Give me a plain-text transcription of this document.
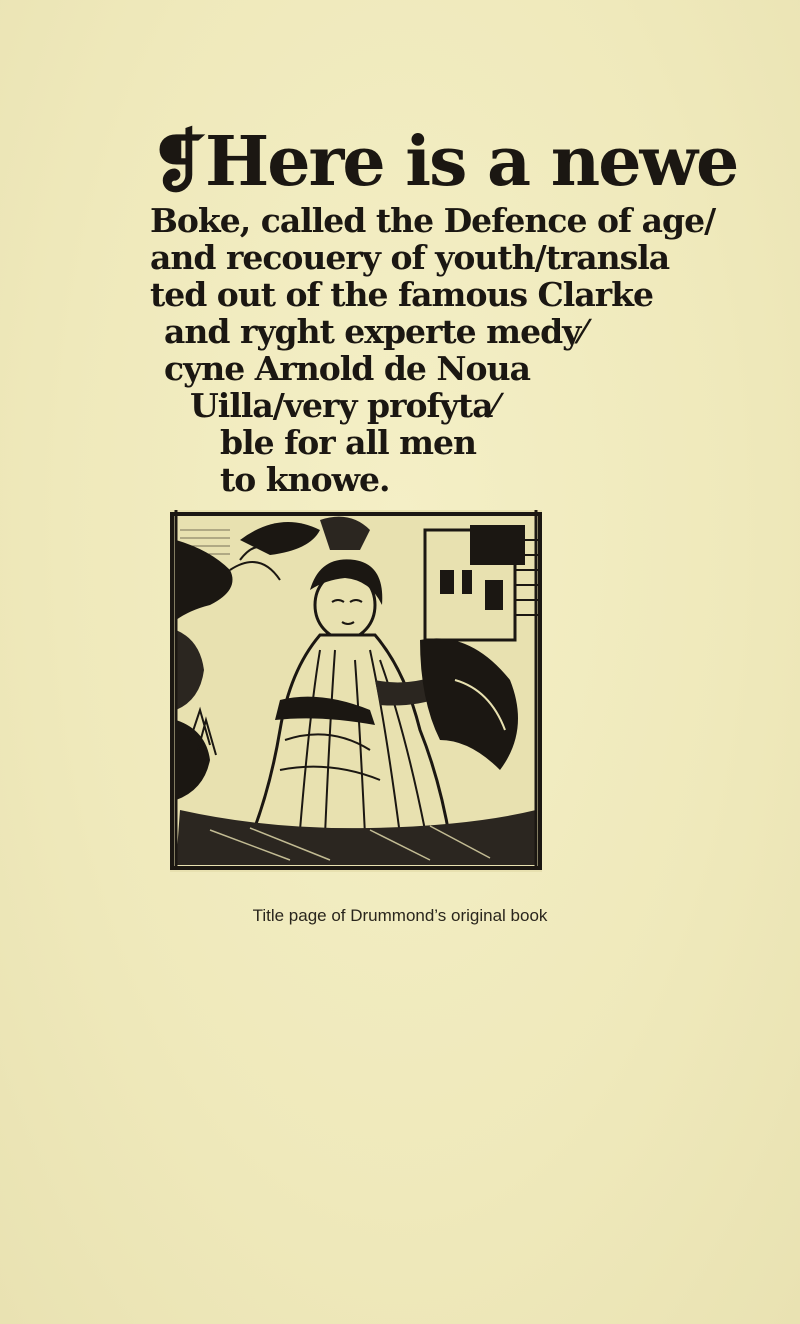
❡Here is a newe
Boke, called the Defence of age/
and recouery of youth/transla
ted out of the famous Clarke
and ryght experte medy⁄
cyne Arnold de Noua
Uilla/very profyta⁄
ble for all men
to knowe.
Title page of Drummond’s original book
